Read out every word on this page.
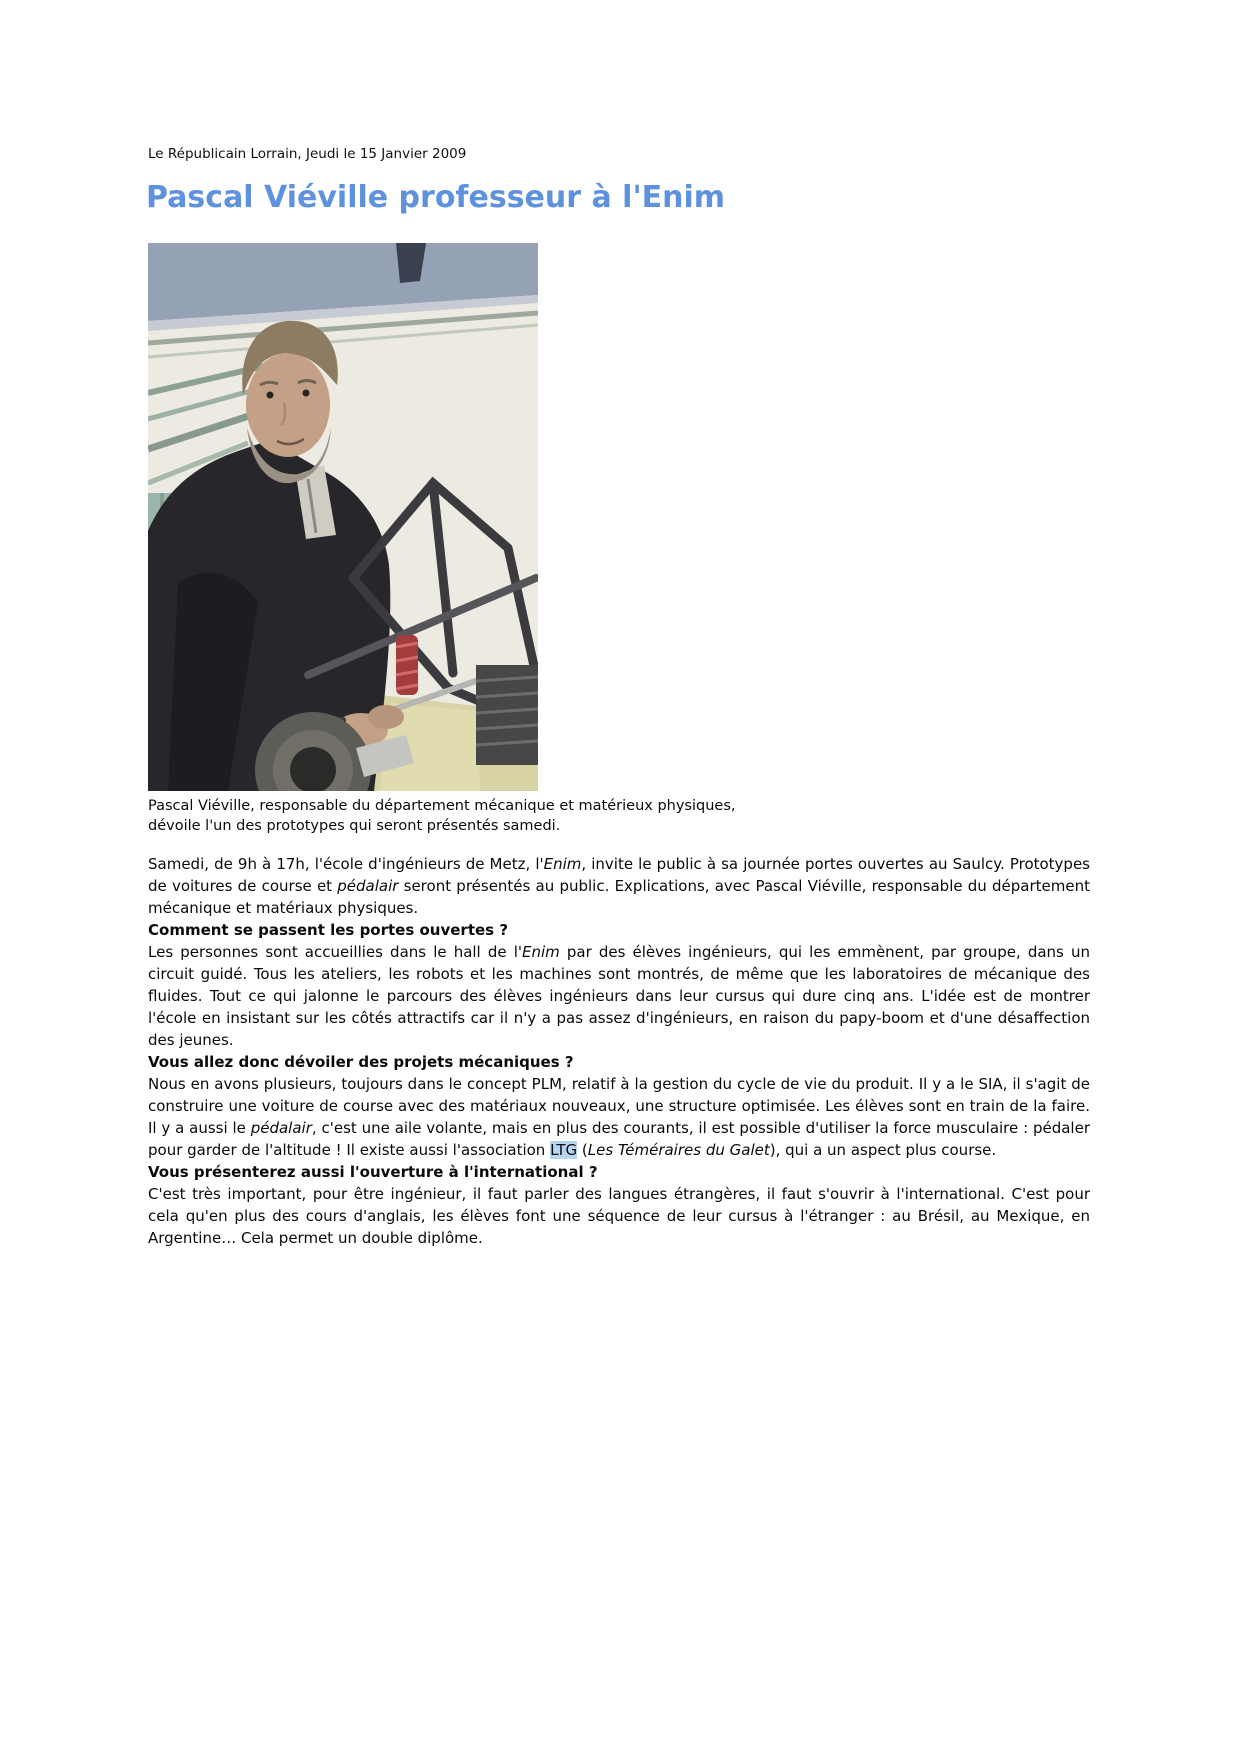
Le Républicain Lorrain, Jeudi le 15 Janvier 2009
Pascal Viéville professeur à l'Enim
Pascal Viéville, responsable du département mécanique et matérieux physiques,
dévoile l'un des prototypes qui seront présentés samedi.

Samedi, de 9h à 17h, l'école d'ingénieurs de Metz, l'Enim, invite le public à sa journée portes ouvertes au Saulcy. Prototypes de voitures de course et pédalair seront présentés au public. Explications, avec Pascal Viéville, responsable du département mécanique et matériaux physiques.

Comment se passent les portes ouvertes ?

Les personnes sont accueillies dans le hall de l'Enim par des élèves ingénieurs, qui les emmènent, par groupe, dans un circuit guidé. Tous les ateliers, les robots et les machines sont montrés, de même que les laboratoires de mécanique des fluides. Tout ce qui jalonne le parcours des élèves ingénieurs dans leur cursus qui dure cinq ans. L'idée est de montrer l'école en insistant sur les côtés attractifs car il n'y a pas assez d'ingénieurs, en raison du papy-boom et d'une désaffection des jeunes.

Vous allez donc dévoiler des projets mécaniques ?

Nous en avons plusieurs, toujours dans le concept PLM, relatif à la gestion du cycle de vie du produit. Il y a le SIA, il s'agit de construire une voiture de course avec des matériaux nouveaux, une structure optimisée. Les élèves sont en train de la faire. Il y a aussi le pédalair, c'est une aile volante, mais en plus des courants, il est possible d'utiliser la force musculaire : pédaler pour garder de l'altitude ! Il existe aussi l'association LTG (Les Téméraires du Galet), qui a un aspect plus course.

Vous présenterez aussi l'ouverture à l'international ?

C'est très important, pour être ingénieur, il faut parler des langues étrangères, il faut s'ouvrir à l'international. C'est pour cela qu'en plus des cours d'anglais, les élèves font une séquence de leur cursus à l'étranger : au Brésil, au Mexique, en Argentine… Cela permet un double diplôme.
